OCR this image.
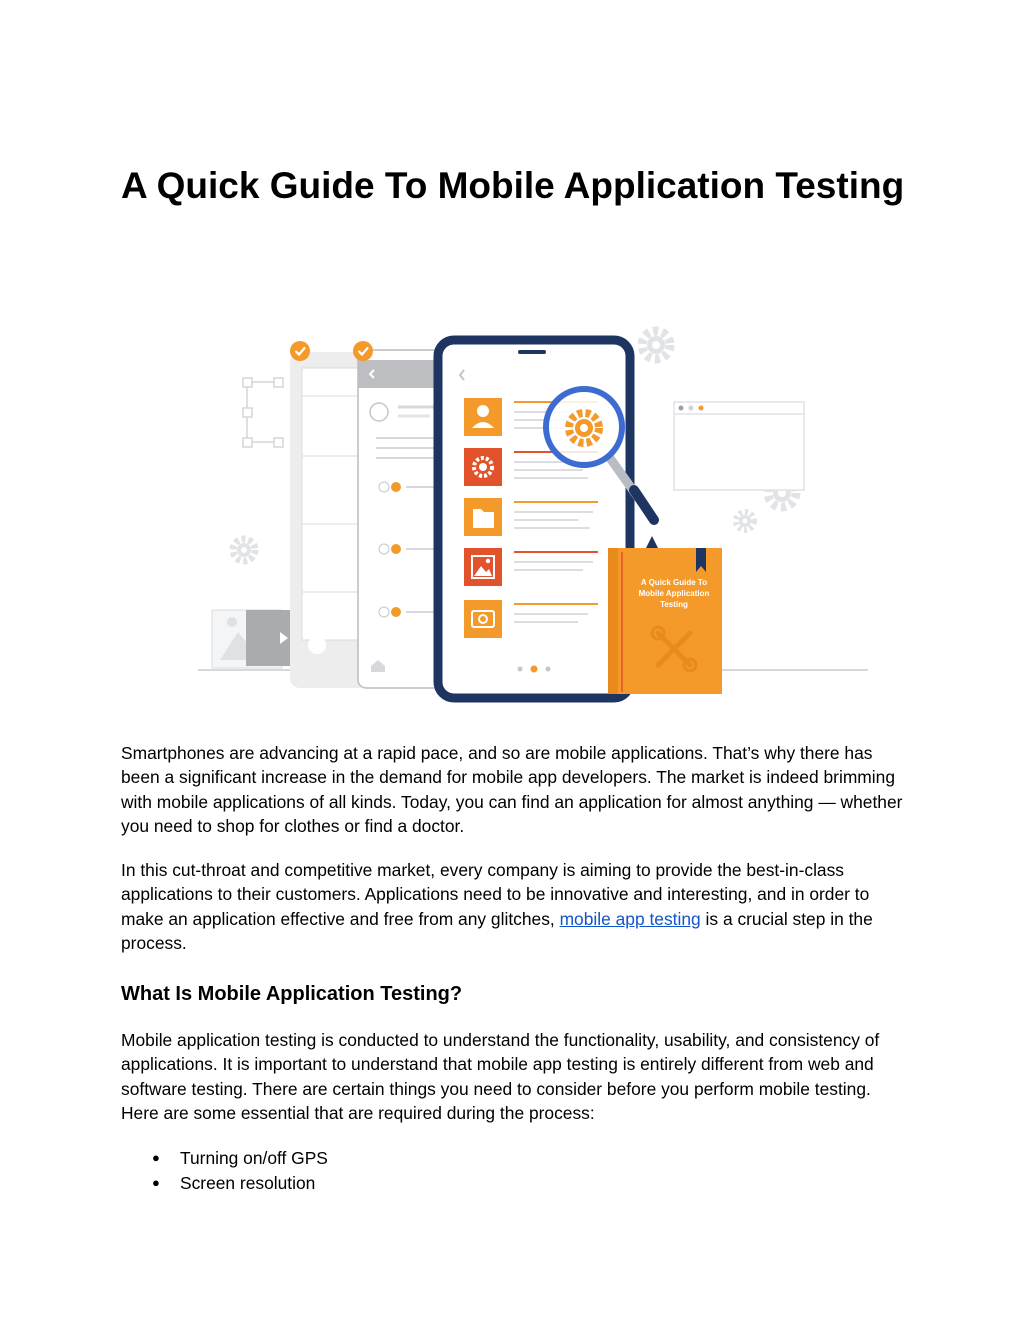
A Quick Guide To Mobile Application Testing
A Quick Guide To
Mobile Application
Testing

Smartphones are advancing at a rapid pace, and so are mobile applications. That’s why there has been a significant increase in the demand for mobile app developers. The market is indeed brimming with mobile applications of all kinds. Today, you can find an application for almost anything — whether you need to shop for clothes or find a doctor.

In this cut-throat and competitive market, every company is aiming to provide the best-in-class applications to their customers. Applications need to be innovative and interesting, and in order to make an application effective and free from any glitches, mobile app testing is a crucial step in the process.

What Is Mobile Application Testing?

Mobile application testing is conducted to understand the functionality, usability, and consistency of applications. It is important to understand that mobile app testing is entirely different from web and software testing. There are certain things you need to consider before you perform mobile testing. Here are some essential that are required during the process:

● Turning on/off GPS
● Screen resolution
